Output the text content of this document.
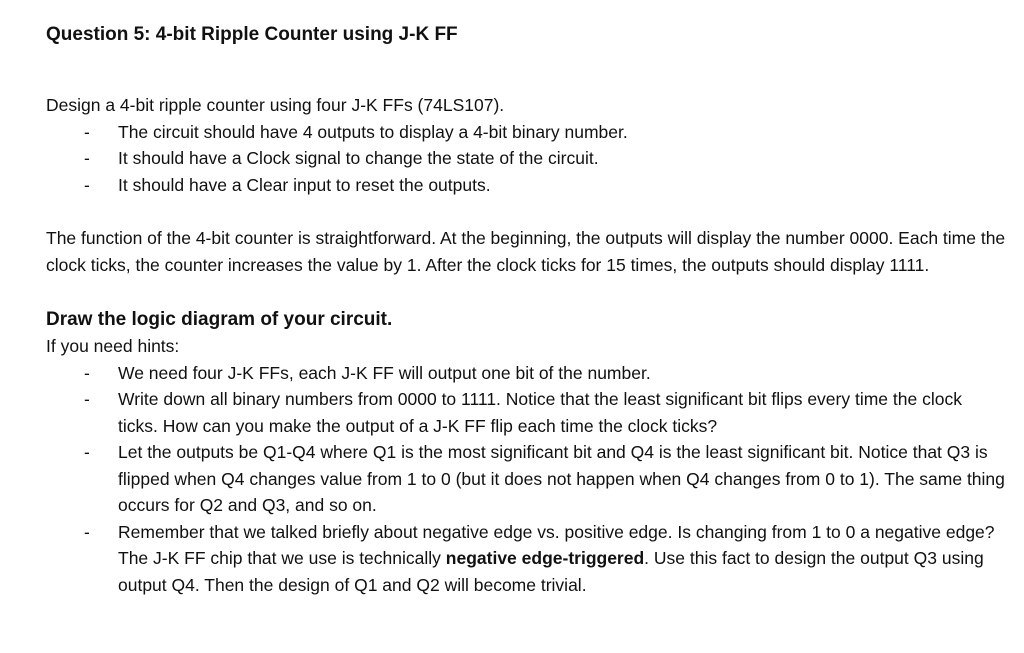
Question 5: 4-bit Ripple Counter using J-K FF

Design a 4-bit ripple counter using four J-K FFs (74LS107).

- The circuit should have 4 outputs to display a 4-bit binary number.
- It should have a Clock signal to change the state of the circuit.
- It should have a Clear input to reset the outputs.

The function of the 4-bit counter is straightforward. At the beginning, the outputs will display the number 0000. Each time the clock ticks, the counter increases the value by 1. After the clock ticks for 15 times, the outputs should display 1111.

Draw the logic diagram of your circuit.

If you need hints:

- We need four J-K FFs, each J-K FF will output one bit of the number.
- Write down all binary numbers from 0000 to 1111. Notice that the least significant bit flips every time the clock ticks. How can you make the output of a J-K FF flip each time the clock ticks?
- Let the outputs be Q1-Q4 where Q1 is the most significant bit and Q4 is the least significant bit. Notice that Q3 is flipped when Q4 changes value from 1 to 0 (but it does not happen when Q4 changes from 0 to 1). The same thing occurs for Q2 and Q3, and so on.
- Remember that we talked briefly about negative edge vs. positive edge. Is changing from 1 to 0 a negative edge? The J-K FF chip that we use is technically negative edge-triggered. Use this fact to design the output Q3 using output Q4. Then the design of Q1 and Q2 will become trivial.
